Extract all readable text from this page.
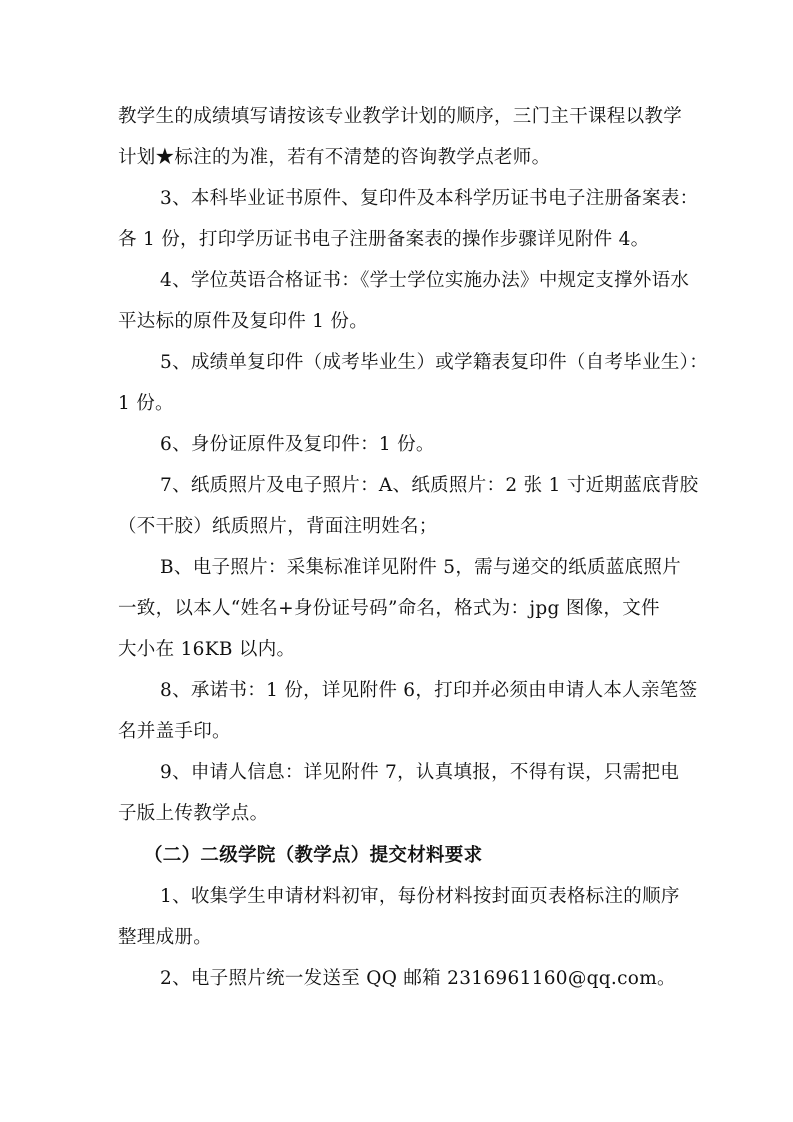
教学生的成绩填写请按该专业教学计划的顺序，三门主干课程以教学
计划★标注的为准，若有不清楚的咨询教学点老师。
3、本科毕业证书原件、复印件及本科学历证书电子注册备案表：
各 1 份，打印学历证书电子注册备案表的操作步骤详见附件 4。
4、学位英语合格证书：《学士学位实施办法》中规定支撑外语水
平达标的原件及复印件 1 份。
5、成绩单复印件（成考毕业生）或学籍表复印件（自考毕业生）：
1 份。
6、身份证原件及复印件：1 份。
7、纸质照片及电子照片：A、纸质照片：2 张 1 寸近期蓝底背胶
（不干胶）纸质照片，背面注明姓名；
B、电子照片：采集标准详见附件 5，需与递交的纸质蓝底照片
一致，以本人“姓名+身份证号码”命名，格式为：jpg 图像，文件
大小在 16KB 以内。
8、承诺书：1 份，详见附件 6，打印并必须由申请人本人亲笔签
名并盖手印。
9、申请人信息：详见附件 7，认真填报，不得有误，只需把电
子版上传教学点。
（二）二级学院（教学点）提交材料要求
1、收集学生申请材料初审，每份材料按封面页表格标注的顺序
整理成册。
2、电子照片统一发送至 QQ 邮箱 2316961160@qq.com。
